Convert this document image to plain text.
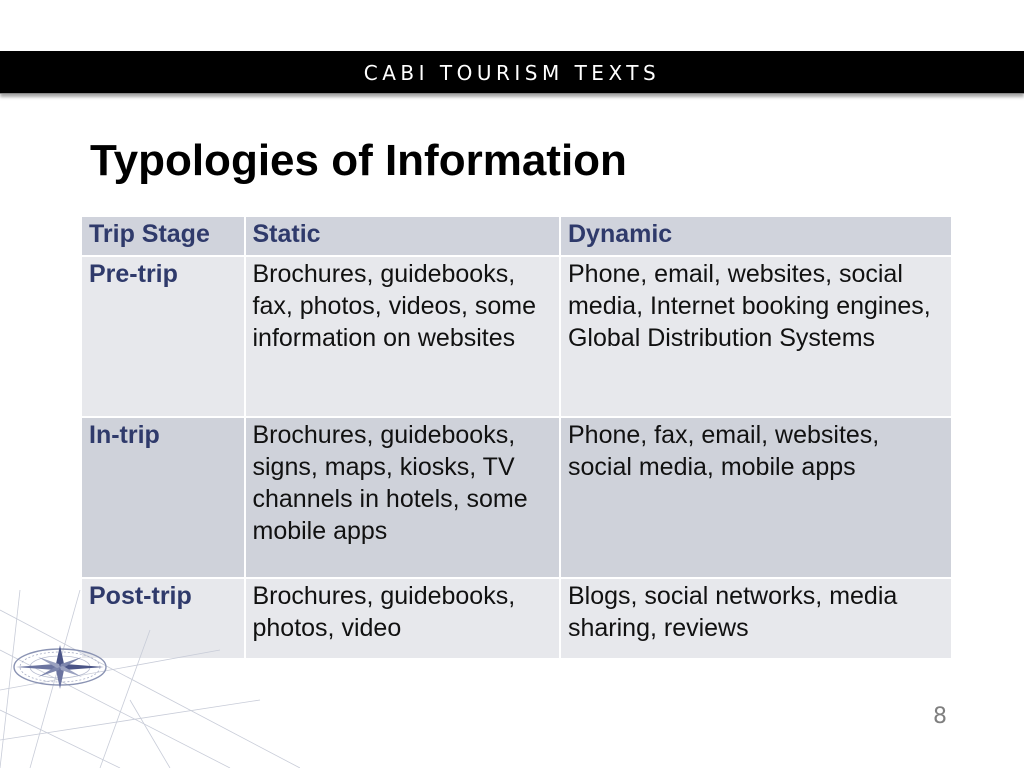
CABI TOURISM TEXTS
Typologies of Information
Trip Stage	Static	Dynamic
Pre-trip	Brochures, guidebooks, fax, photos, videos, some information on websites	Phone, email, websites, social media, Internet booking engines, Global Distribution Systems
In-trip	Brochures, guidebooks, signs, maps, kiosks, TV channels in hotels, some mobile apps	Phone, fax, email, websites, social media, mobile apps
Post-trip	Brochures, guidebooks, photos, video	Blogs, social networks, media sharing, reviews
8
